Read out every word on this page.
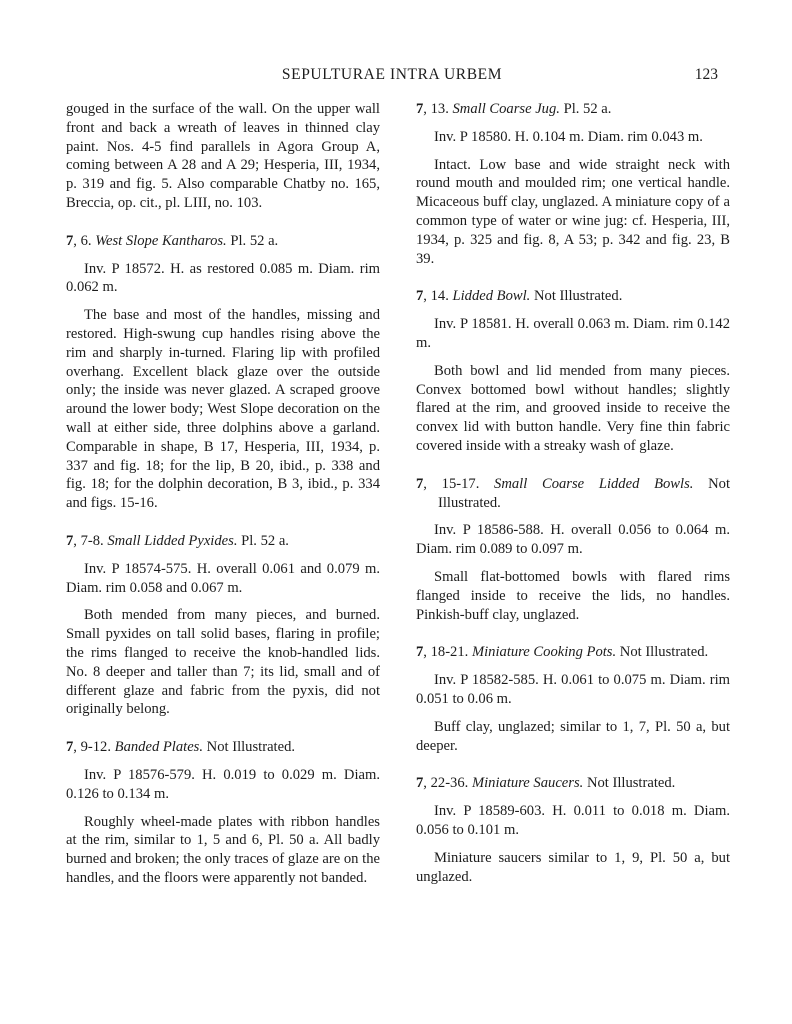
SEPULTURAE INTRA URBEM	123

gouged in the surface of the wall. On the upper wall front and back a wreath of leaves in thinned clay paint. Nos. 4-5 find parallels in Agora Group A, coming between A 28 and A 29; Hesperia, III, 1934, p. 319 and fig. 5. Also comparable Chatby no. 165, Breccia, op. cit., pl. LIII, no. 103.

7, 6. West Slope Kantharos. Pl. 52 a.

Inv. P 18572. H. as restored 0.085 m. Diam. rim 0.062 m.

The base and most of the handles, missing and restored. High-swung cup handles rising above the rim and sharply in-turned. Flaring lip with profiled overhang. Excellent black glaze over the outside only; the inside was never glazed. A scraped groove around the lower body; West Slope decoration on the wall at either side, three dolphins above a garland. Comparable in shape, B 17, Hesperia, III, 1934, p. 337 and fig. 18; for the lip, B 20, ibid., p. 338 and fig. 18; for the dolphin decoration, B 3, ibid., p. 334 and figs. 15-16.

7, 7-8. Small Lidded Pyxides. Pl. 52 a.

Inv. P 18574-575. H. overall 0.061 and 0.079 m. Diam. rim 0.058 and 0.067 m.

Both mended from many pieces, and burned. Small pyxides on tall solid bases, flaring in profile; the rims flanged to receive the knob-handled lids. No. 8 deeper and taller than 7; its lid, small and of different glaze and fabric from the pyxis, did not originally belong.

7, 9-12. Banded Plates. Not Illustrated.

Inv. P 18576-579. H. 0.019 to 0.029 m. Diam. 0.126 to 0.134 m.

Roughly wheel-made plates with ribbon handles at the rim, similar to 1, 5 and 6, Pl. 50 a. All badly burned and broken; the only traces of glaze are on the handles, and the floors were apparently not banded.

7, 13. Small Coarse Jug. Pl. 52 a.

Inv. P 18580. H. 0.104 m. Diam. rim 0.043 m.

Intact. Low base and wide straight neck with round mouth and moulded rim; one vertical handle. Micaceous buff clay, unglazed. A miniature copy of a common type of water or wine jug: cf. Hesperia, III, 1934, p. 325 and fig. 8, A 53; p. 342 and fig. 23, B 39.

7, 14. Lidded Bowl. Not Illustrated.

Inv. P 18581. H. overall 0.063 m. Diam. rim 0.142 m.

Both bowl and lid mended from many pieces. Convex bottomed bowl without handles; slightly flared at the rim, and grooved inside to receive the convex lid with button handle. Very fine thin fabric covered inside with a streaky wash of glaze.

7, 15-17. Small Coarse Lidded Bowls. Not Illustrated.

Inv. P 18586-588. H. overall 0.056 to 0.064 m. Diam. rim 0.089 to 0.097 m.

Small flat-bottomed bowls with flared rims flanged inside to receive the lids, no handles. Pinkish-buff clay, unglazed.

7, 18-21. Miniature Cooking Pots. Not Illustrated.

Inv. P 18582-585. H. 0.061 to 0.075 m. Diam. rim 0.051 to 0.06 m.

Buff clay, unglazed; similar to 1, 7, Pl. 50 a, but deeper.

7, 22-36. Miniature Saucers. Not Illustrated.

Inv. P 18589-603. H. 0.011 to 0.018 m. Diam. 0.056 to 0.101 m.

Miniature saucers similar to 1, 9, Pl. 50 a, but unglazed.
